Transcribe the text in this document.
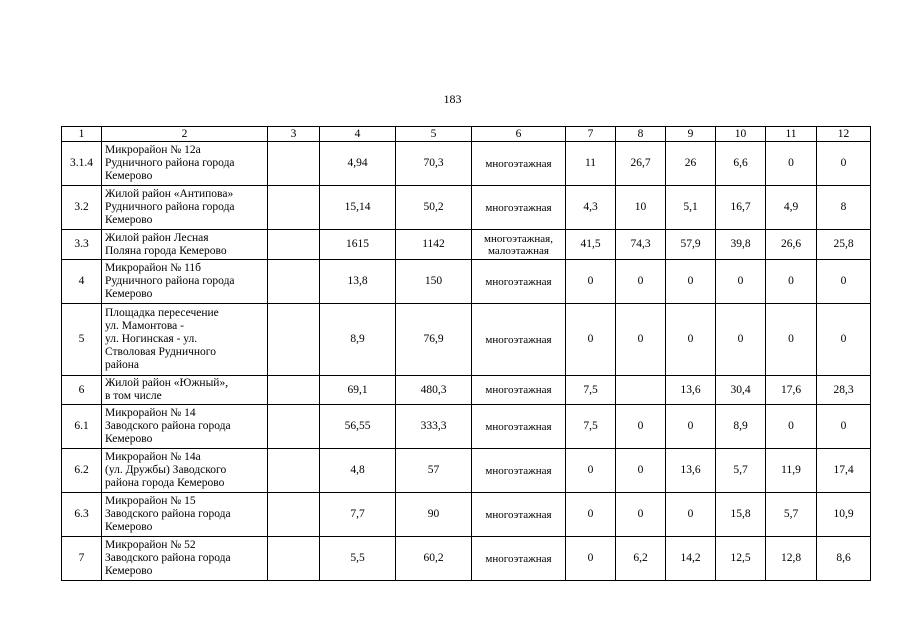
183
1	2	3	4	5	6	7	8	9	10	11	12
3.1.4	Микрорайон № 12а
Рудничного района города
Кемерово		4,94	70,3	многоэтажная	11	26,7	26	6,6	0	0
3.2	Жилой район «Антипова»
Рудничного района города
Кемерово		15,14	50,2	многоэтажная	4,3	10	5,1	16,7	4,9	8
3.3	Жилой район Лесная
Поляна города Кемерово		1615	1142	многоэтажная,
малоэтажная	41,5	74,3	57,9	39,8	26,6	25,8
4	Микрорайон № 11б
Рудничного района города
Кемерово		13,8	150	многоэтажная	0	0	0	0	0	0
5	Площадка пересечение
ул. Мамонтова -
ул. Ногинская - ул.
Стволовая Рудничного
района		8,9	76,9	многоэтажная	0	0	0	0	0	0
6	Жилой район «Южный»,
в том числе		69,1	480,3	многоэтажная	7,5		13,6	30,4	17,6	28,3
6.1	Микрорайон № 14
Заводского района города
Кемерово		56,55	333,3	многоэтажная	7,5	0	0	8,9	0	0
6.2	Микрорайон № 14а
(ул. Дружбы) Заводского
района города Кемерово		4,8	57	многоэтажная	0	0	13,6	5,7	11,9	17,4
6.3	Микрорайон № 15
Заводского района города
Кемерово		7,7	90	многоэтажная	0	0	0	15,8	5,7	10,9
7	Микрорайон № 52
Заводского района города
Кемерово		5,5	60,2	многоэтажная	0	6,2	14,2	12,5	12,8	8,6
